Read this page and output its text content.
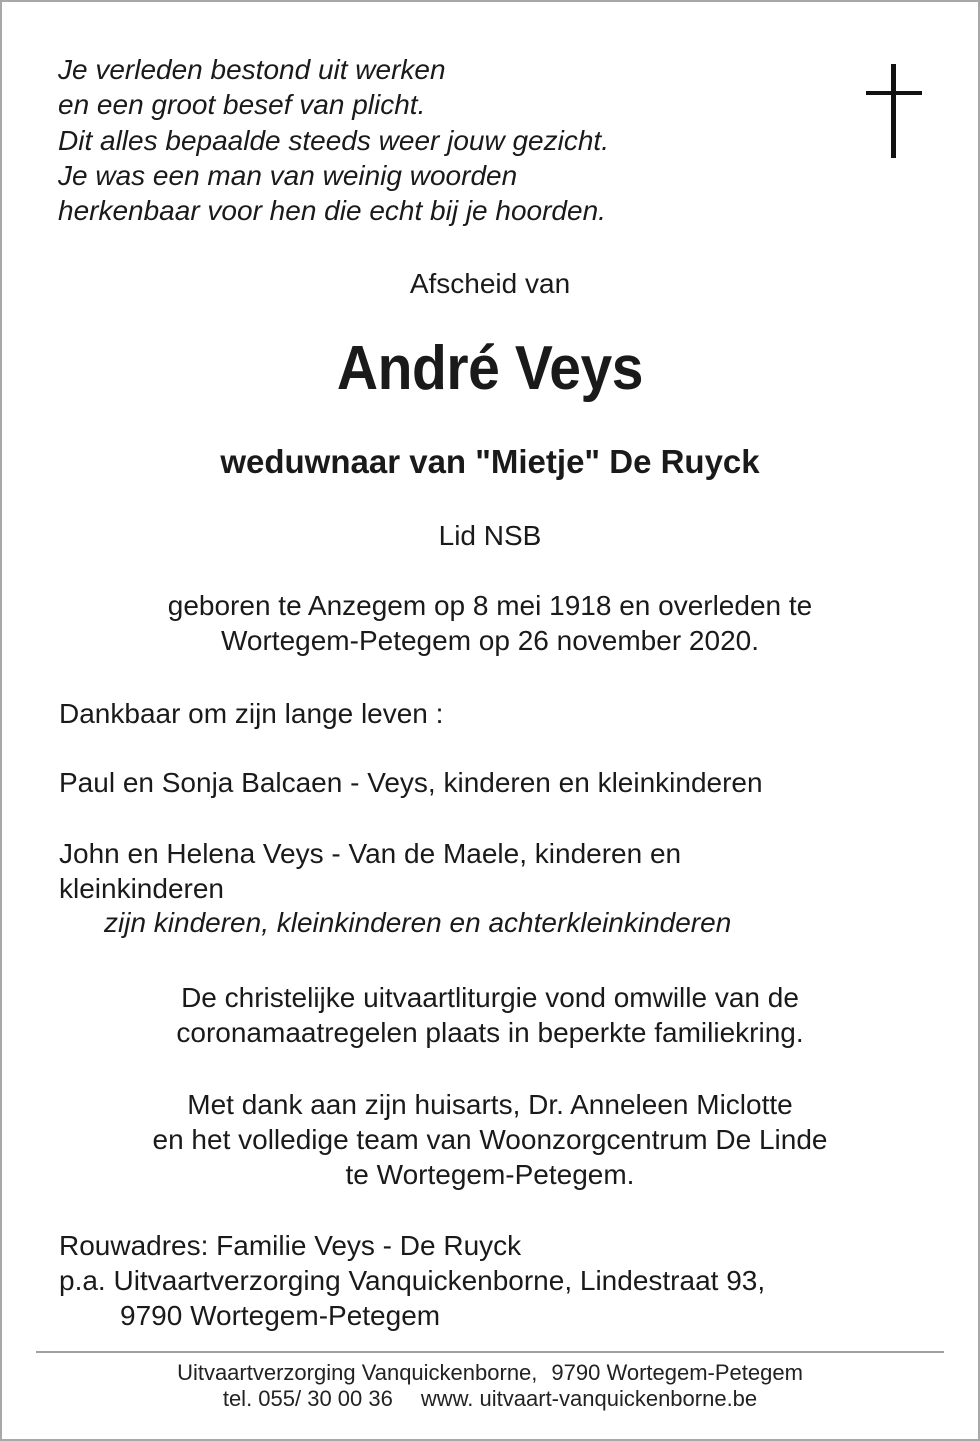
Je verleden bestond uit werken
en een groot besef van plicht.
Dit alles bepaalde steeds weer jouw gezicht.
Je was een man van weinig woorden
herkenbaar voor hen die echt bij je hoorden.
Afscheid van
André Veys
weduwnaar van "Mietje" De Ruyck
Lid NSB
geboren te Anzegem op 8 mei 1918 en overleden te
Wortegem-Petegem op 26 november 2020.
Dankbaar om zijn lange leven :
Paul en Sonja Balcaen - Veys, kinderen en kleinkinderen
John en Helena Veys - Van de Maele, kinderen en
kleinkinderen
zijn kinderen, kleinkinderen en achterkleinkinderen
De christelijke uitvaartliturgie vond omwille van de
coronamaatregelen plaats in beperkte familiekring.
Met dank aan zijn huisarts, Dr. Anneleen Miclotte
en het volledige team van Woonzorgcentrum De Linde
te Wortegem-Petegem.
Rouwadres: Familie Veys - De Ruyck
p.a. Uitvaartverzorging Vanquickenborne, Lindestraat 93,
9790 Wortegem-Petegem
Uitvaartverzorging Vanquickenborne, 9790 Wortegem-Petegem
tel. 055/ 30 00 36 www. uitvaart-vanquickenborne.be
